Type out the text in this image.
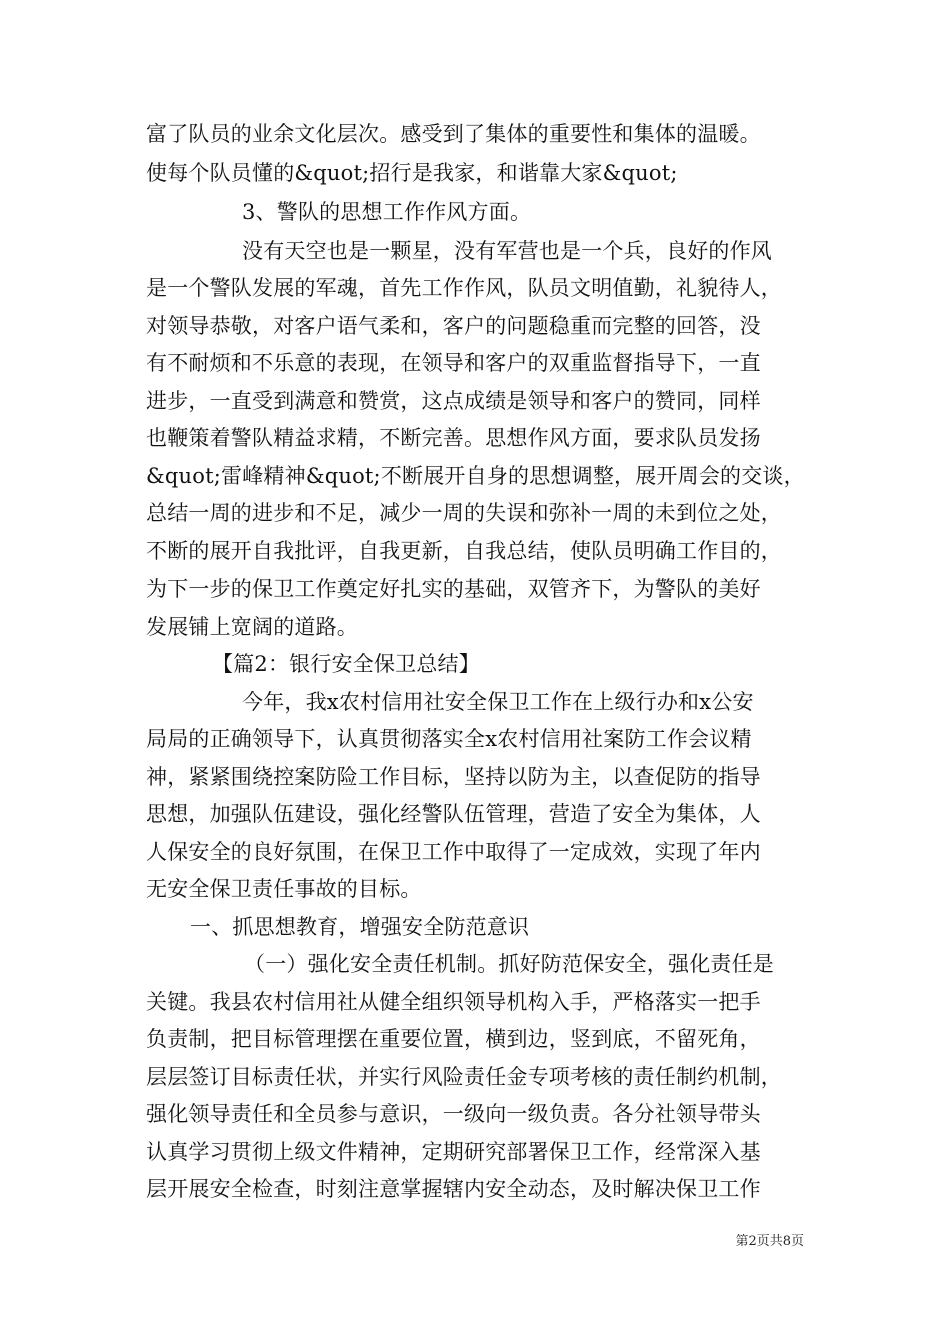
富了队员的业余文化层次。感受到了集体的重要性和集体的温暖。
使每个队员懂的&quot;招行是我家，和谐靠大家&quot;
3、警队的思想工作作风方面。
没有天空也是一颗星，没有军营也是一个兵，良好的作风
是一个警队发展的军魂，首先工作作风，队员文明值勤，礼貌待人，
对领导恭敬，对客户语气柔和，客户的问题稳重而完整的回答，没
有不耐烦和不乐意的表现，在领导和客户的双重监督指导下，一直
进步，一直受到满意和赞赏，这点成绩是领导和客户的赞同，同样
也鞭策着警队精益求精，不断完善。思想作风方面，要求队员发扬
&quot;雷峰精神&quot;不断展开自身的思想调整，展开周会的交谈，
总结一周的进步和不足，减少一周的失误和弥补一周的未到位之处，
不断的展开自我批评，自我更新，自我总结，使队员明确工作目的，
为下一步的保卫工作奠定好扎实的基础，双管齐下，为警队的美好
发展铺上宽阔的道路。
【篇2：银行安全保卫总结】
今年，我x农村信用社安全保卫工作在上级行办和x公安
局局的正确领导下，认真贯彻落实全x农村信用社案防工作会议精
神，紧紧围绕控案防险工作目标，坚持以防为主，以查促防的指导
思想，加强队伍建设，强化经警队伍管理，营造了安全为集体，人
人保安全的良好氛围，在保卫工作中取得了一定成效，实现了年内
无安全保卫责任事故的目标。
一、抓思想教育，增强安全防范意识
（一）强化安全责任机制。抓好防范保安全，强化责任是
关键。我县农村信用社从健全组织领导机构入手，严格落实一把手
负责制，把目标管理摆在重要位置，横到边，竖到底，不留死角，
层层签订目标责任状，并实行风险责任金专项考核的责任制约机制，
强化领导责任和全员参与意识，一级向一级负责。各分社领导带头
认真学习贯彻上级文件精神，定期研究部署保卫工作，经常深入基
层开展安全检查，时刻注意掌握辖内安全动态，及时解决保卫工作
第2页共8页
